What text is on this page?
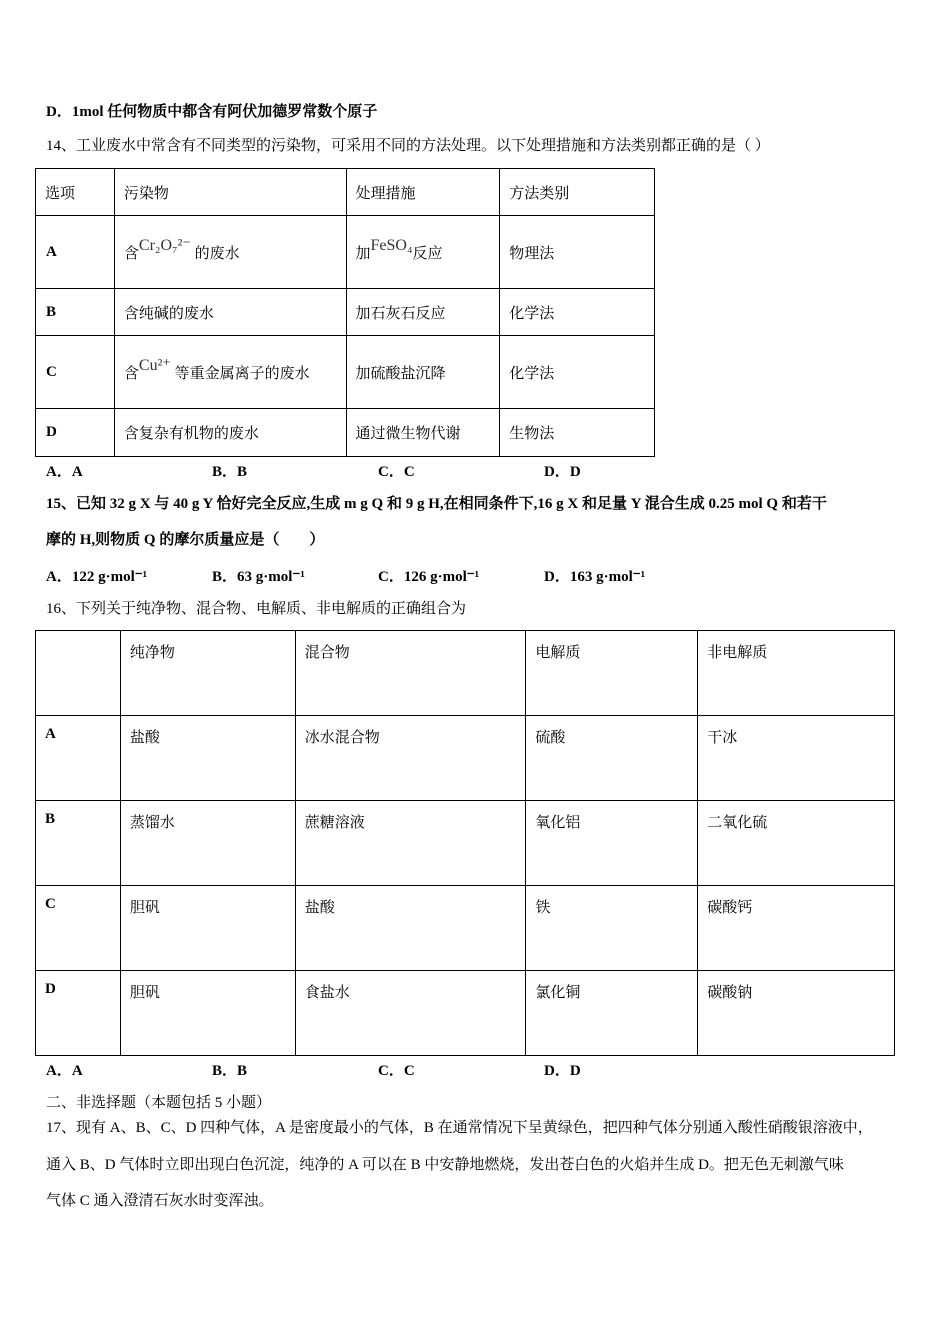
D．1mol 任何物质中都含有阿伏加德罗常数个原子
14、工业废水中常含有不同类型的污染物，可采用不同的方法处理。以下处理措施和方法类别都正确的是（ ）
选项	污染物	处理措施	方法类别
A	含Cr₂O₇²⁻ 的废水	加FeSO₄反应	物理法
B	含纯碱的废水	加石灰石反应	化学法
C	含Cu²⁺ 等重金属离子的废水	加硫酸盐沉降	化学法
D	含复杂有机物的废水	通过微生物代谢	生物法
A．A	B．B	C．C	D．D
15、已知 32 g X 与 40 g Y 恰好完全反应,生成 m g Q 和 9 g H,在相同条件下,16 g X 和足量 Y 混合生成 0.25 mol Q 和若干
摩的 H,则物质 Q 的摩尔质量应是（　　）
A．122 g·mol⁻¹	B．63 g·mol⁻¹	C．126 g·mol⁻¹	D．163 g·mol⁻¹
16、下列关于纯净物、混合物、电解质、非电解质的正确组合为
	纯净物	混合物	电解质	非电解质
A	盐酸	冰水混合物	硫酸	干冰
B	蒸馏水	蔗糖溶液	氧化铝	二氧化硫
C	胆矾	盐酸	铁	碳酸钙
D	胆矾	食盐水	氯化铜	碳酸钠
A．A	B．B	C．C	D．D
二、非选择题（本题包括 5 小题）
17、现有 A、B、C、D 四种气体，A 是密度最小的气体，B 在通常情况下呈黄绿色，把四种气体分别通入酸性硝酸银溶液中，
通入 B、D 气体时立即出现白色沉淀，纯净的 A 可以在 B 中安静地燃烧，发出苍白色的火焰并生成 D。把无色无刺激气味
气体 C 通入澄清石灰水时变浑浊。
